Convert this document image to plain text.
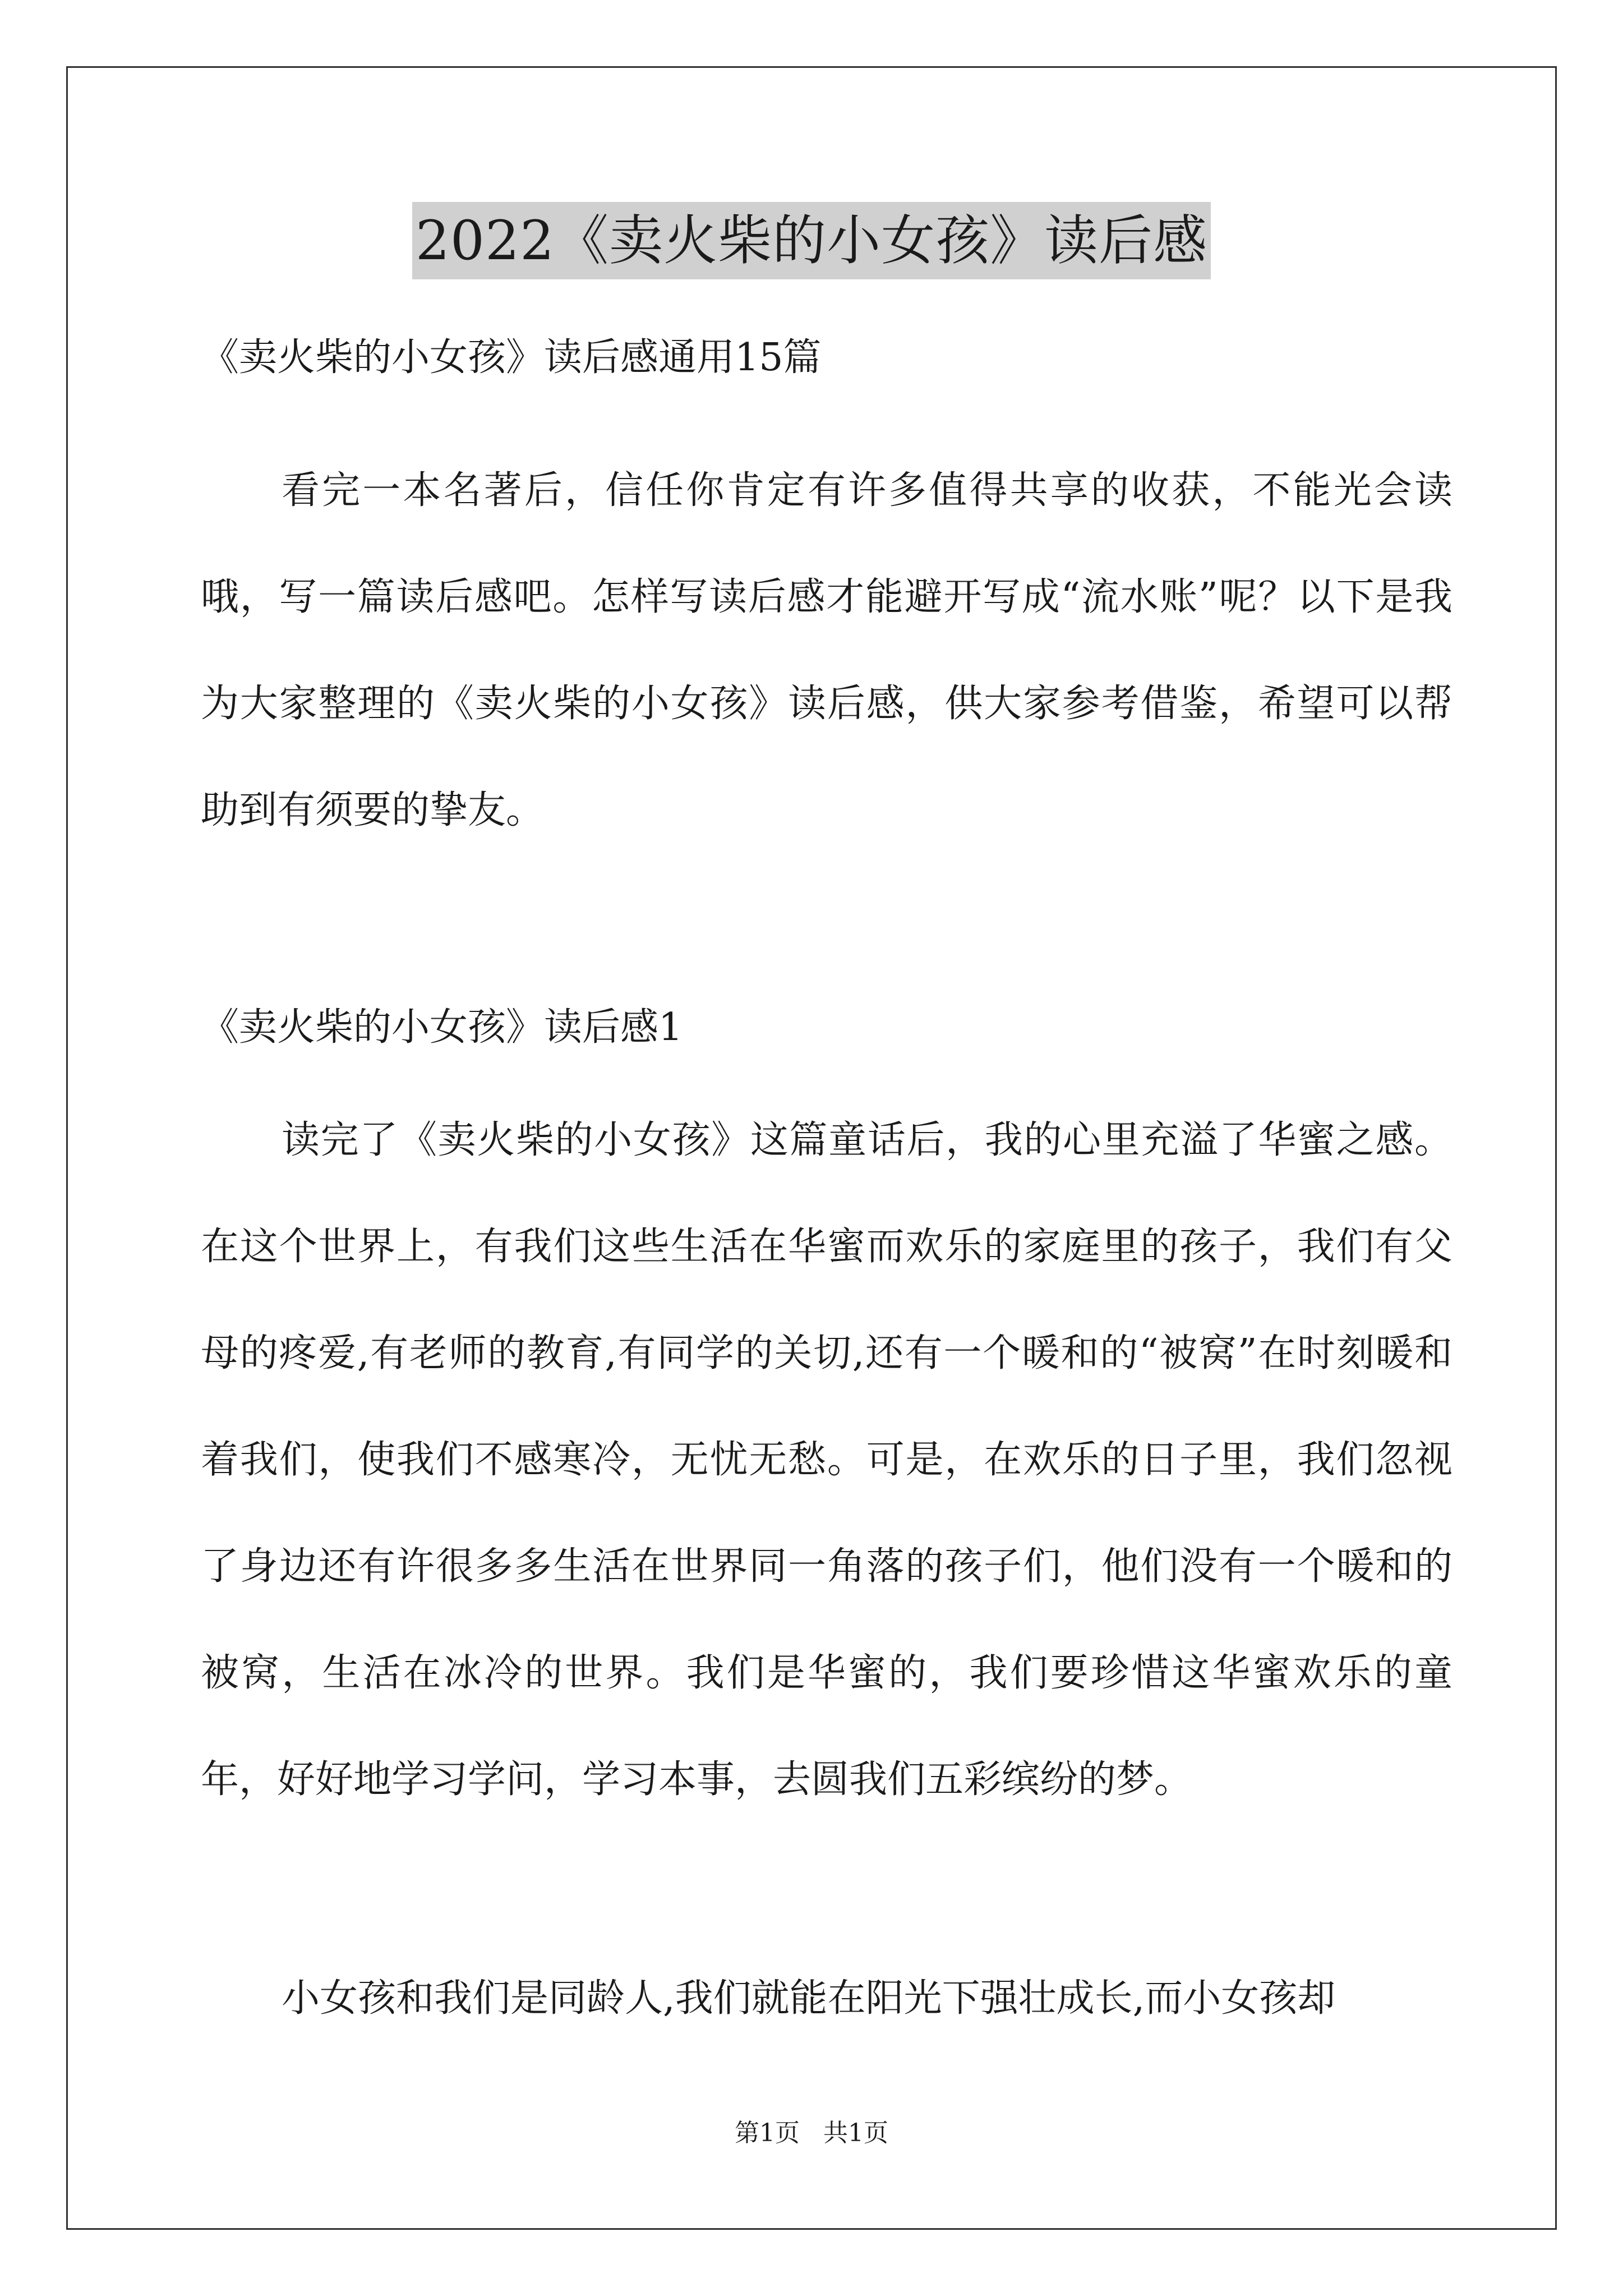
2022《卖火柴的小女孩》读后感
《卖火柴的小女孩》读后感通用15篇

看完一本名著后，信任你肯定有许多值得共享的收获，不能光会读哦，写一篇读后感吧。怎样写读后感才能避开写成“流水账”呢？以下是我为大家整理的《卖火柴的小女孩》读后感，供大家参考借鉴，希望可以帮助到有须要的挚友。

《卖火柴的小女孩》读后感1

读完了《卖火柴的小女孩》这篇童话后，我的心里充溢了华蜜之感。在这个世界上，有我们这些生活在华蜜而欢乐的家庭里的孩子，我们有父母的疼爱,有老师的教育,有同学的关切,还有一个暖和的“被窝”在时刻暖和着我们，使我们不感寒冷，无忧无愁。可是，在欢乐的日子里，我们忽视了身边还有许很多多生活在世界同一角落的孩子们，他们没有一个暖和的被窝，生活在冰冷的世界。我们是华蜜的，我们要珍惜这华蜜欢乐的童年，好好地学习学问，学习本事，去圆我们五彩缤纷的梦。

小女孩和我们是同龄人,我们就能在阳光下强壮成长,而小女孩却

第1页   共1页
